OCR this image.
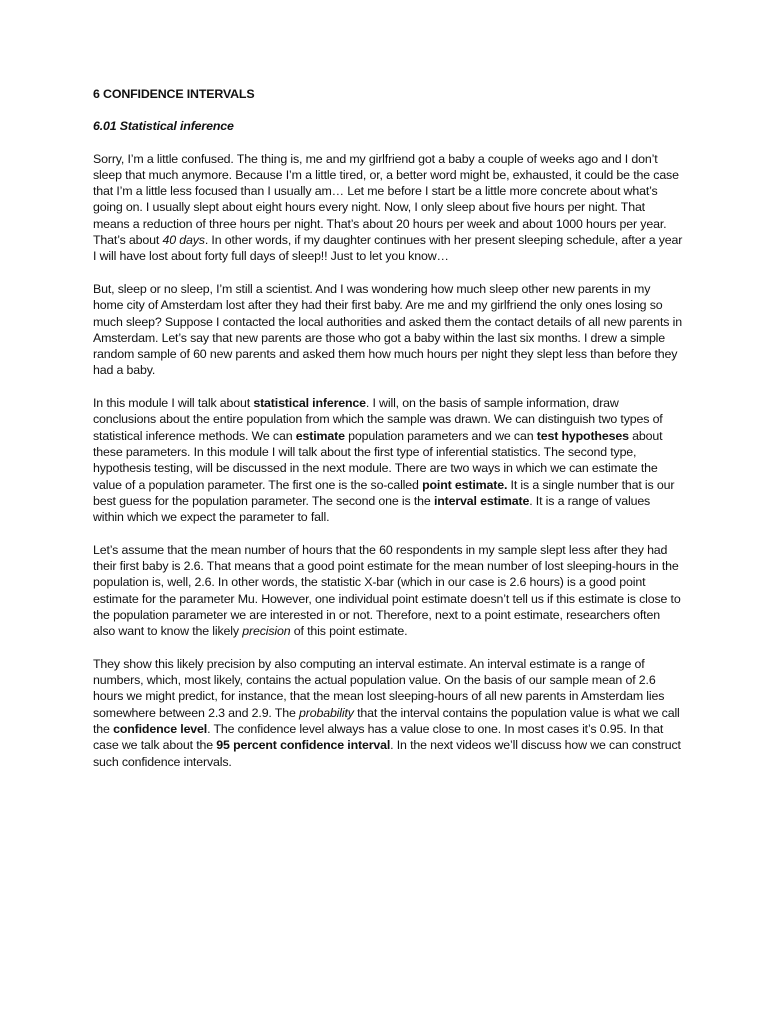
6 CONFIDENCE INTERVALS
6.01 Statistical inference

Sorry, I’m a little confused. The thing is, me and my girlfriend got a baby a couple of weeks ago and I don’t sleep that much anymore. Because I’m a little tired, or, a better word might be, exhausted, it could be the case that I’m a little less focused than I usually am… Let me before I start be a little more concrete about what’s going on. I usually slept about eight hours every night. Now, I only sleep about five hours per night. That means a reduction of three hours per night. That’s about 20 hours per week and about 1000 hours per year. That’s about 40 days. In other words, if my daughter continues with her present sleeping schedule, after a year I will have lost about forty full days of sleep!! Just to let you know…

But, sleep or no sleep, I’m still a scientist. And I was wondering how much sleep other new parents in my home city of Amsterdam lost after they had their first baby. Are me and my girlfriend the only ones losing so much sleep? Suppose I contacted the local authorities and asked them the contact details of all new parents in Amsterdam. Let’s say that new parents are those who got a baby within the last six months. I drew a simple random sample of 60 new parents and asked them how much hours per night they slept less than before they had a baby.

In this module I will talk about statistical inference. I will, on the basis of sample information, draw conclusions about the entire population from which the sample was drawn. We can distinguish two types of statistical inference methods. We can estimate population parameters and we can test hypotheses about these parameters. In this module I will talk about the first type of inferential statistics. The second type, hypothesis testing, will be discussed in the next module. There are two ways in which we can estimate the value of a population parameter. The first one is the so-called point estimate. It is a single number that is our best guess for the population parameter. The second one is the interval estimate. It is a range of values within which we expect the parameter to fall.

Let’s assume that the mean number of hours that the 60 respondents in my sample slept less after they had their first baby is 2.6. That means that a good point estimate for the mean number of lost sleeping-hours in the population is, well, 2.6. In other words, the statistic X-bar (which in our case is 2.6 hours) is a good point estimate for the parameter Mu. However, one individual point estimate doesn’t tell us if this estimate is close to the population parameter we are interested in or not. Therefore, next to a point estimate, researchers often also want to know the likely precision of this point estimate.

They show this likely precision by also computing an interval estimate. An interval estimate is a range of numbers, which, most likely, contains the actual population value. On the basis of our sample mean of 2.6 hours we might predict, for instance, that the mean lost sleeping-hours of all new parents in Amsterdam lies somewhere between 2.3 and 2.9. The probability that the interval contains the population value is what we call the confidence level. The confidence level always has a value close to one. In most cases it’s 0.95. In that case we talk about the 95 percent confidence interval. In the next videos we’ll discuss how we can construct such confidence intervals.
